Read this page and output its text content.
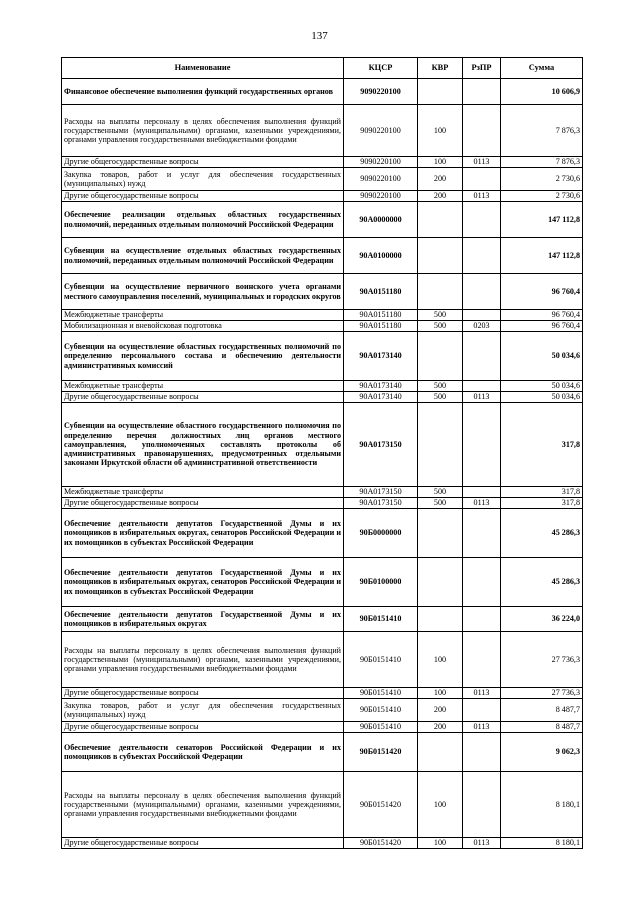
137
Наименование	КЦСР	КВР	РзПР	Сумма
Финансовое обеспечение выполнения функций государственных органов	9090220100			10 606,9
Расходы на выплаты персоналу в целях обеспечения выполнения функций государственными (муниципальными) органами, казенными учреждениями, органами управления государственными внебюджетными фондами	9090220100	100		7 876,3
Другие общегосударственные вопросы	9090220100	100	0113	7 876,3
Закупка товаров, работ и услуг для обеспечения государственных (муниципальных) нужд	9090220100	200		2 730,6
Другие общегосударственные вопросы	9090220100	200	0113	2 730,6
Обеспечение реализации отдельных областных государственных полномочий, переданных отдельным полномочий Российской Федерации	90А0000000			147 112,8
Субвенции на осуществление отдельных областных государственных полномочий, переданных отдельным полномочий Российской Федерации	90А0100000			147 112,8
Субвенции на осуществление первичного воинского учета органами местного самоуправления поселений, муниципальных и городских округов	90А0151180			96 760,4
Межбюджетные трансферты	90А0151180	500		96 760,4
Мобилизационная и вневойсковая подготовка	90А0151180	500	0203	96 760,4
Субвенции на осуществление областных государственных полномочий по определению персонального состава и обеспечению деятельности административных комиссий	90А0173140			50 034,6
Межбюджетные трансферты	90А0173140	500		50 034,6
Другие общегосударственные вопросы	90А0173140	500	0113	50 034,6
Субвенции на осуществление областного государственного полномочия по определению перечня должностных лиц органов местного самоуправления, уполномоченных составлять протоколы об административных правонарушениях, предусмотренных отдельными законами Иркутской области об административной ответственности	90А0173150			317,8
Межбюджетные трансферты	90А0173150	500		317,8
Другие общегосударственные вопросы	90А0173150	500	0113	317,8
Обеспечение деятельности депутатов Государственной Думы и их помощников в избирательных округах, сенаторов Российской Федерации и их помощников в субъектах Российской Федерации	90Б0000000			45 286,3
Обеспечение деятельности депутатов Государственной Думы и их помощников в избирательных округах, сенаторов Российской Федерации и их помощников в субъектах Российской Федерации	90Б0100000			45 286,3
Обеспечение деятельности депутатов Государственной Думы и их помощников в избирательных округах	90Б0151410			36 224,0
Расходы на выплаты персоналу в целях обеспечения выполнения функций государственными (муниципальными) органами, казенными учреждениями, органами управления государственными внебюджетными фондами	90Б0151410	100		27 736,3
Другие общегосударственные вопросы	90Б0151410	100	0113	27 736,3
Закупка товаров, работ и услуг для обеспечения государственных (муниципальных) нужд	90Б0151410	200		8 487,7
Другие общегосударственные вопросы	90Б0151410	200	0113	8 487,7
Обеспечение деятельности сенаторов Российской Федерации и их помощников в субъектах Российской Федерации	90Б0151420			9 062,3
Расходы на выплаты персоналу в целях обеспечения выполнения функций государственными (муниципальными) органами, казенными учреждениями, органами управления государственными внебюджетными фондами	90Б0151420	100		8 180,1
Другие общегосударственные вопросы	90Б0151420	100	0113	8 180,1
